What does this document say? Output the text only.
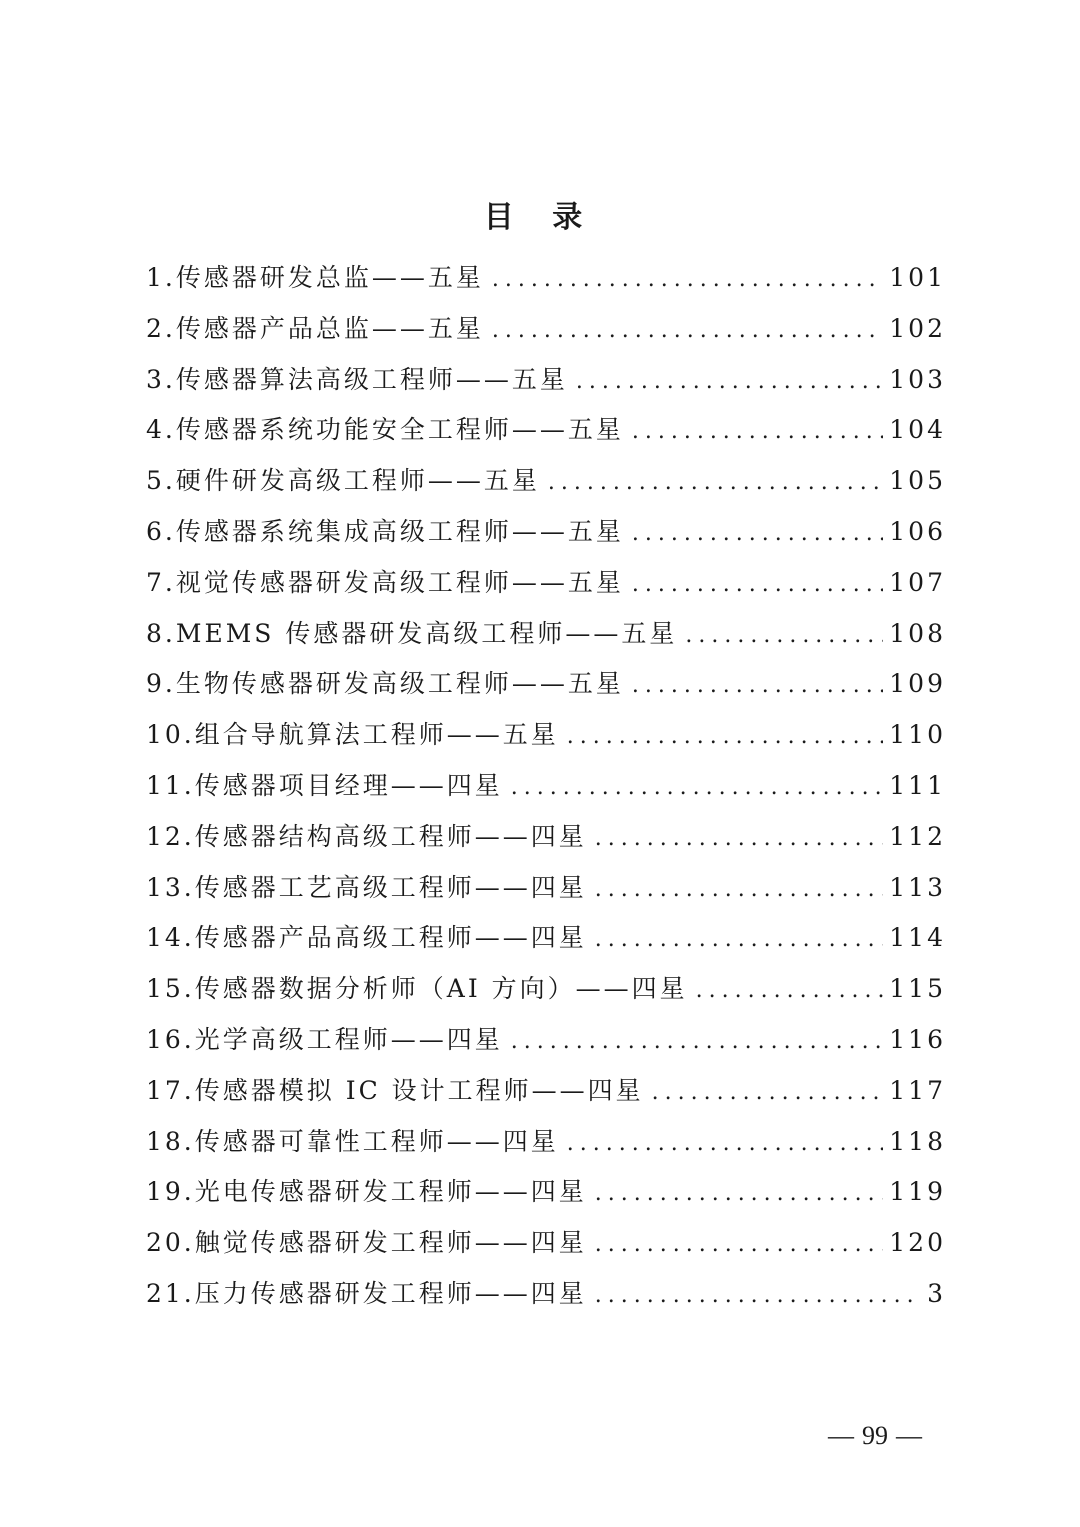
目 录
1.传感器研发总监——五星 .....	101
2.传感器产品总监——五星 .....	102
3.传感器算法高级工程师——五星 .....	103
4.传感器系统功能安全工程师——五星 .....	104
5.硬件研发高级工程师——五星 .....	105
6.传感器系统集成高级工程师——五星 .....	106
7.视觉传感器研发高级工程师——五星 .....	107
8.MEMS 传感器研发高级工程师——五星 .....	108
9.生物传感器研发高级工程师——五星 .....	109
10.组合导航算法工程师——五星 .....	110
11.传感器项目经理——四星 .....	111
12.传感器结构高级工程师——四星 .....	112
13.传感器工艺高级工程师——四星 .....	113
14.传感器产品高级工程师——四星 .....	114
15.传感器数据分析师（AI 方向）——四星 .....	115
16.光学高级工程师——四星 .....	116
17.传感器模拟 IC 设计工程师——四星 .....	117
18.传感器可靠性工程师——四星 .....	118
19.光电传感器研发工程师——四星 .....	119
20.触觉传感器研发工程师——四星 .....	120
21.压力传感器研发工程师——四星 .....	3
— 99 —
